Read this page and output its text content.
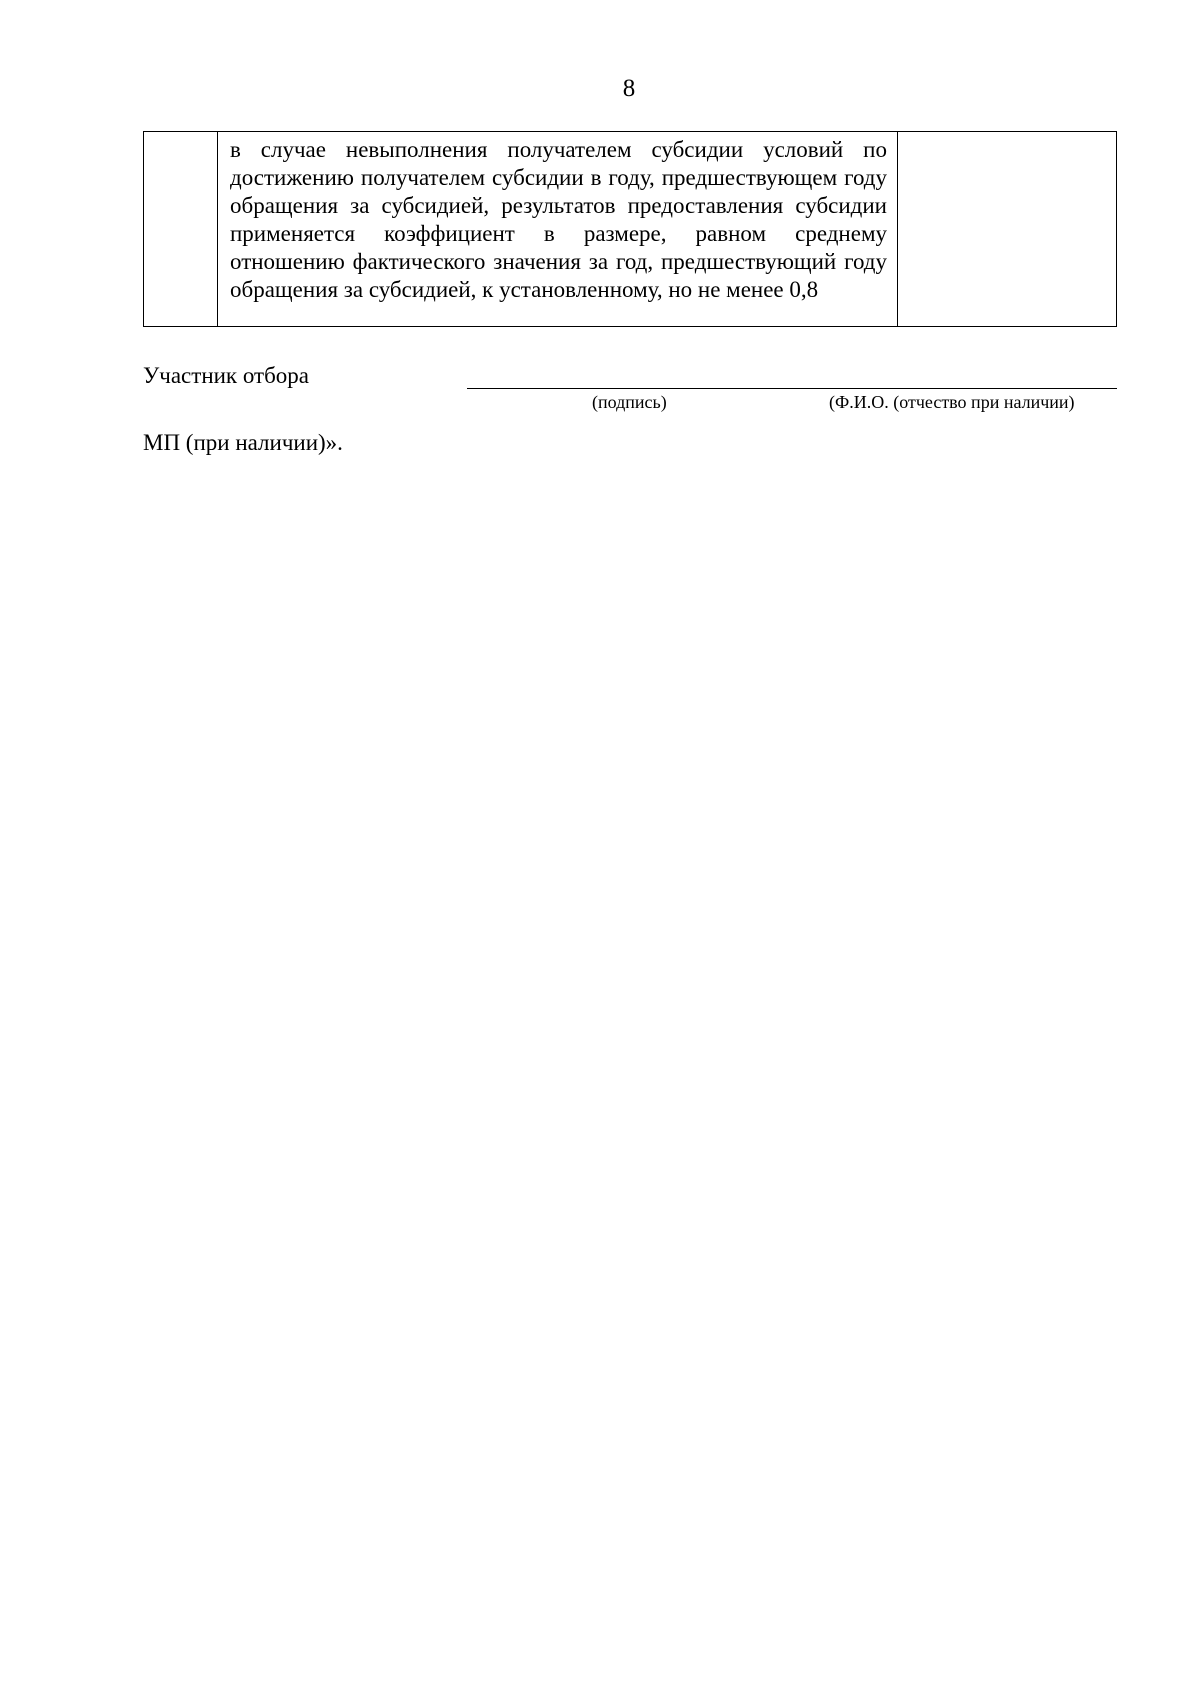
8

в случае невыполнения получателем субсидии условий по достижению получателем субсидии в году, предшествующем году обращения за субсидией, результатов предоставления субсидии применяется коэффициент в размере, равном среднему отношению фактического значения за год, предшествующий году обращения за субсидией, к установленному, но не менее 0,8

Участник отбора
(подпись)	(Ф.И.О. (отчество при наличии)
МП (при наличии)».
